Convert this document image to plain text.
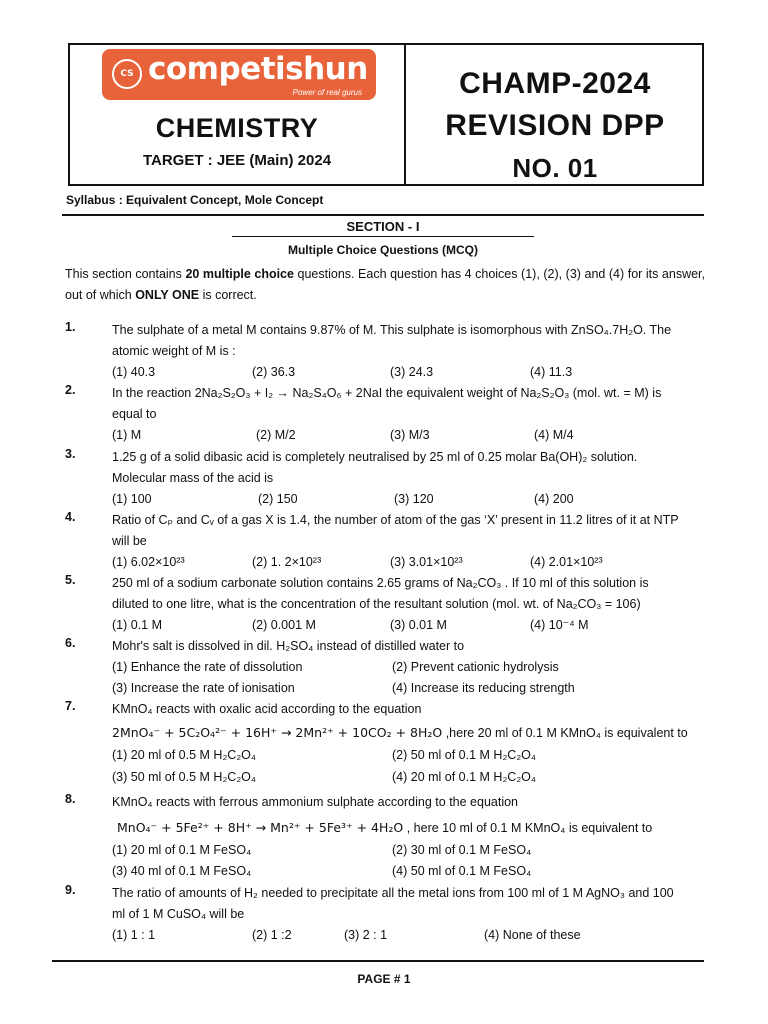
CS competishun
Power of real gurus
CHEMISTRY
TARGET : JEE (Main) 2024
CHAMP-2024
REVISION DPP
NO. 01
Syllabus : Equivalent Concept, Mole Concept
SECTION - I
Multiple Choice Questions (MCQ)
This section contains 20 multiple choice questions. Each question has 4 choices (1), (2), (3) and (4) for its answer, out of which ONLY ONE is correct.
1.	The sulphate of a metal M contains 9.87% of M. This sulphate is isomorphous with ZnSO₄.7H₂O. The
atomic weight of M is :
(1) 40.3	(2) 36.3	(3) 24.3	(4) 11.3
2.	In the reaction 2Na₂S₂O₃ + I₂ → Na₂S₄O₆ + 2NaI the equivalent weight of Na₂S₂O₃ (mol. wt. = M) is
equal to
(1) M	(2) M/2	(3) M/3	(4) M/4
3.	1.25 g of a solid dibasic acid is completely neutralised by 25 ml of 0.25 molar Ba(OH)₂ solution.
Molecular mass of the acid is
(1) 100	(2) 150	(3) 120	(4) 200
4.	Ratio of Cₚ and Cᵥ of a gas X is 1.4, the number of atom of the gas ‘X’ present in 11.2 litres of it at NTP
will be
(1) 6.02×10²³	(2) 1. 2×10²³	(3) 3.01×10²³	(4) 2.01×10²³
5.	250 ml of a sodium carbonate solution contains 2.65 grams of Na₂CO₃ . If 10 ml of this solution is
diluted to one litre, what is the concentration of the resultant solution (mol. wt. of Na₂CO₃ = 106)
(1) 0.1 M	(2) 0.001 M	(3) 0.01 M	(4) 10⁻⁴ M
6.	Mohr's salt is dissolved in dil. H₂SO₄ instead of distilled water to
(1) Enhance the rate of dissolution	(2) Prevent cationic hydrolysis
(3) Increase the rate of ionisation	(4) Increase its reducing strength
7.	KMnO₄ reacts with oxalic acid according to the equation
2MnO₄⁻ + 5C₂O₄²⁻ + 16H⁺ → 2Mn²⁺ + 10CO₂ + 8H₂O ,here 20 ml of 0.1 M KMnO₄ is equivalent to
(1) 20 ml of 0.5 M H₂C₂O₄	(2) 50 ml of 0.1 M H₂C₂O₄
(3) 50 ml of 0.5 M H₂C₂O₄	(4) 20 ml of 0.1 M H₂C₂O₄
8.	KMnO₄ reacts with ferrous ammonium sulphate according to the equation
MnO₄⁻ + 5Fe²⁺ + 8H⁺ → Mn²⁺ + 5Fe³⁺ + 4H₂O , here 10 ml of 0.1 M KMnO₄ is equivalent to
(1) 20 ml of 0.1 M FeSO₄	(2) 30 ml of 0.1 M FeSO₄
(3) 40 ml of 0.1 M FeSO₄	(4) 50 ml of 0.1 M FeSO₄
9.	The ratio of amounts of H₂ needed to precipitate all the metal ions from 100 ml of 1 M AgNO₃ and 100
ml of 1 M CuSO₄ will be
(1) 1 : 1	(2) 1 :2	(3) 2 : 1	(4) None of these
PAGE # 1
